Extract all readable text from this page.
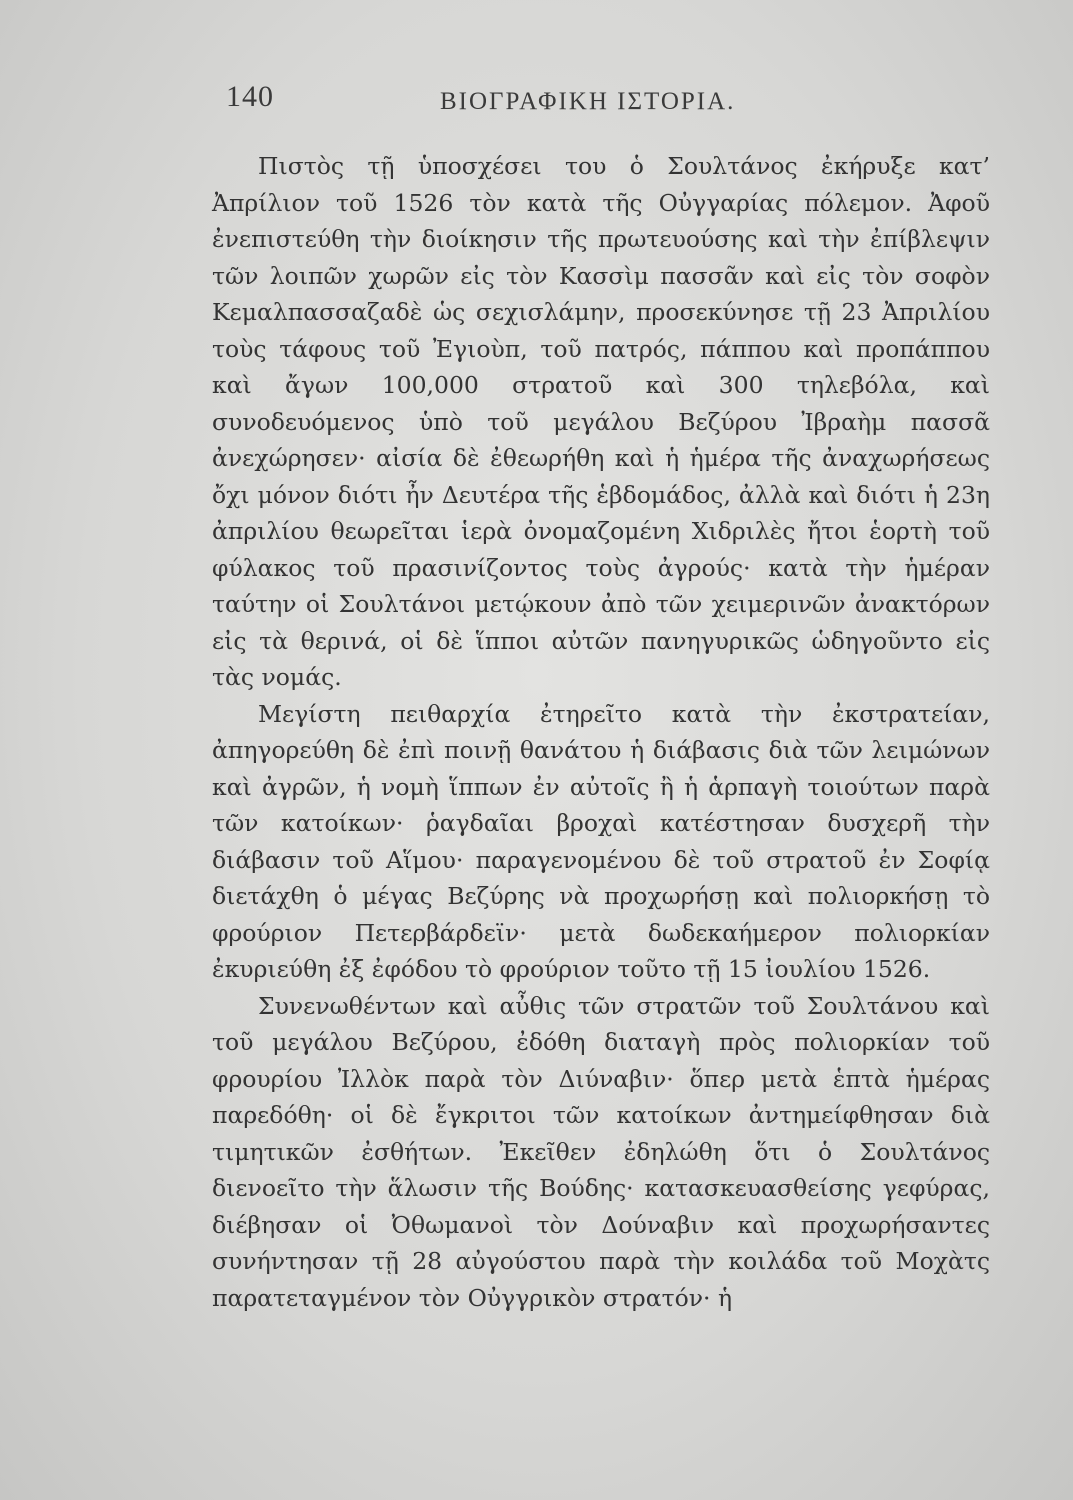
140	ΒΙΟΓΡΑΦΙΚΗ ΙΣΤΟΡΙΑ.

Πιστὸς τῇ ὑποσχέσει του ὁ Σουλτάνος ἐκήρυξε κατ’ Ἀπρίλιον τοῦ 1526 τὸν κατὰ τῆς Οὐγγαρίας πόλεμον. Ἀφοῦ ἐνεπιστεύθη τὴν διοίκησιν τῆς πρωτευούσης καὶ τὴν ἐπίβλεψιν τῶν λοιπῶν χωρῶν εἰς τὸν Κασσὶμ πασσᾶν καὶ εἰς τὸν σοφὸν Κεμαλπασσαζαδὲ ὡς σεχισλάμην, προσεκύνησε τῇ 23 Ἀπριλίου τοὺς τάφους τοῦ Ἐγιοὺπ, τοῦ πατρός, πάππου καὶ προπάππου καὶ ἄγων 100,000 στρατοῦ καὶ 300 τηλεβόλα, καὶ συνοδευόμενος ὑπὸ τοῦ μεγάλου Βεζύρου Ἰβραὴμ πασσᾶ ἀνεχώρησεν· αἰσία δὲ ἐθεωρήθη καὶ ἡ ἡμέρα τῆς ἀναχωρήσεως ὄχι μόνον διότι ἦν Δευτέρα τῆς ἑβδομάδος, ἀλλὰ καὶ διότι ἡ 23η ἀπριλίου θεωρεῖται ἱερὰ ὀνομαζομένη Χιδριλὲς ἤτοι ἑορτὴ τοῦ φύλακος τοῦ πρασινίζοντος τοὺς ἀγρούς· κατὰ τὴν ἡμέραν ταύτην οἱ Σουλτάνοι μετῴκουν ἀπὸ τῶν χειμερινῶν ἀνακτόρων εἰς τὰ θερινά, οἱ δὲ ἵπποι αὐτῶν πανηγυρικῶς ὡδηγοῦντο εἰς τὰς νομάς.

Μεγίστη πειθαρχία ἐτηρεῖτο κατὰ τὴν ἐκστρατείαν, ἀπηγορεύθη δὲ ἐπὶ ποινῇ θανάτου ἡ διάβασις διὰ τῶν λειμώνων καὶ ἀγρῶν, ἡ νομὴ ἵππων ἐν αὐτοῖς ἢ ἡ ἁρπαγὴ τοιούτων παρὰ τῶν κατοίκων· ῥαγδαῖαι βροχαὶ κατέστησαν δυσχερῆ τὴν διάβασιν τοῦ Αἵμου· παραγενομένου δὲ τοῦ στρατοῦ ἐν Σοφίᾳ διετάχθη ὁ μέγας Βεζύρης νὰ προχωρήσῃ καὶ πολιορκήσῃ τὸ φρούριον Πετερβάρδεϊν· μετὰ δωδεκαήμερον πολιορκίαν ἐκυριεύθη ἐξ ἐφόδου τὸ φρούριον τοῦτο τῇ 15 ἰουλίου 1526.

Συνενωθέντων καὶ αὖθις τῶν στρατῶν τοῦ Σουλτάνου καὶ τοῦ μεγάλου Βεζύρου, ἐδόθη διαταγὴ πρὸς πολιορκίαν τοῦ φρουρίου Ἰλλὸκ παρὰ τὸν Διύναβιν· ὅπερ μετὰ ἑπτὰ ἡμέρας παρεδόθη· οἱ δὲ ἔγκριτοι τῶν κατοίκων ἀντημείφθησαν διὰ τιμητικῶν ἐσθήτων. Ἐκεῖθεν ἐδηλώθη ὅτι ὁ Σουλτάνος διενοεῖτο τὴν ἅλωσιν τῆς Βούδης· κατασκευασθείσης γεφύρας, διέβησαν οἱ Ὀθωμανοὶ τὸν Δούναβιν καὶ προχωρήσαντες συνήντησαν τῇ 28 αὐγούστου παρὰ τὴν κοιλάδα τοῦ Μοχὰτς παρατεταγμένον τὸν Οὐγγρικὸν στρατόν· ἡ
